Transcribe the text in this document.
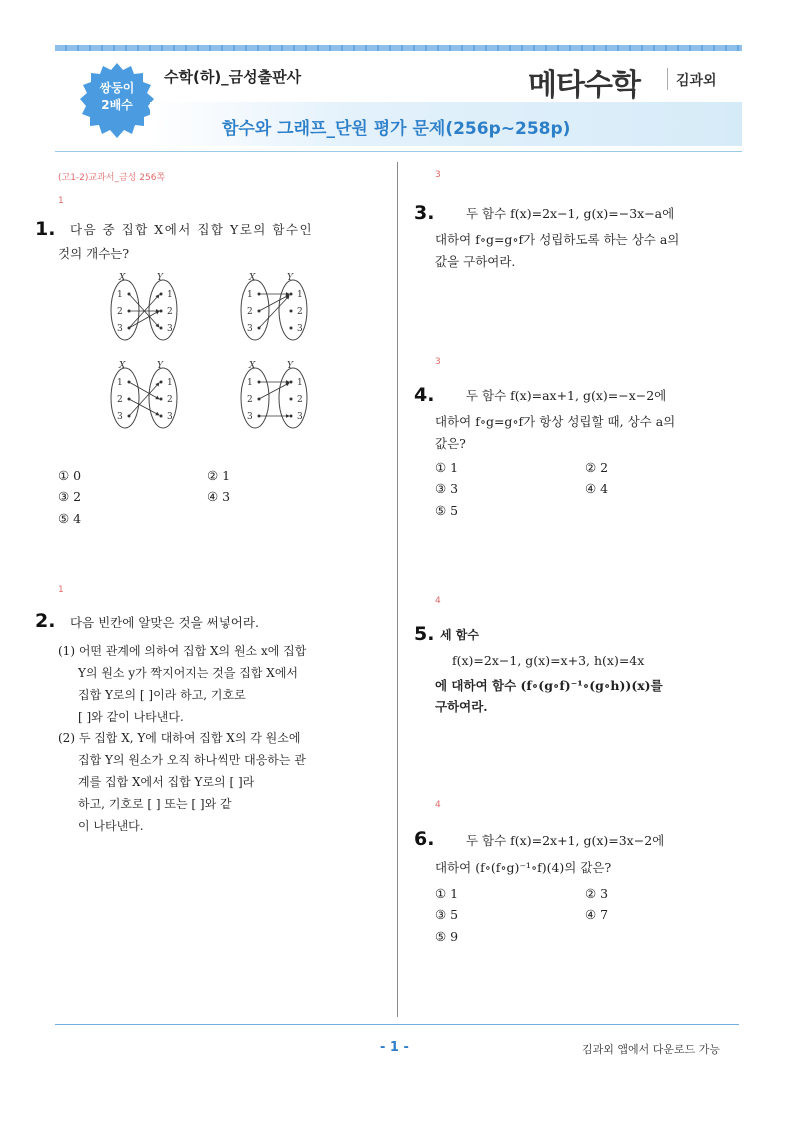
쌍둥이
2배수
수학(하)_금성출판사
함수와 그래프_단원 평가 문제(256p~258p)
메타수학	김과외
(고1-2)교과서_금성 256쪽
1
1. 다음 중 집합 X에서 집합 Y로의 함수인
것의 개수는?
X	Y
1
2
3
1
2
3
X	Y
1
2
3
1
2
3
X	Y
1
2
3
1
2
3
X	Y
1
2
3
1
2
3
① 0	② 1
③ 2	④ 3
⑤ 4
1
2. 다음 빈칸에 알맞은 것을 써넣어라.
(1) 어떤 관계에 의하여 집합 X의 원소 x에 집합
Y의 원소 y가 짝지어지는 것을 집합 X에서
집합 Y로의 [ ]이라 하고, 기호로
[ ]와 같이 나타낸다.
(2) 두 집합 X, Y에 대하여 집합 X의 각 원소에
집합 Y의 원소가 오직 하나씩만 대응하는 관
계를 집합 X에서 집합 Y로의 [ ]라
하고, 기호로 [ ] 또는 [ ]와 같
이 나타낸다.
3
3.	두 함수 f(x)=2x−1, g(x)=−3x−a에
대하여 f∘g=g∘f가 성립하도록 하는 상수 a의
값을 구하여라.
3
4.	두 함수 f(x)=ax+1, g(x)=−x−2에
대하여 f∘g=g∘f가 항상 성립할 때, 상수 a의
값은?
① 1	② 2
③ 3	④ 4
⑤ 5
4
5. 세 함수
f(x)=2x−1, g(x)=x+3, h(x)=4x
에 대하여 함수 (f∘(g∘f)⁻¹∘(g∘h))(x)를
구하여라.
4
6.	두 함수 f(x)=2x+1, g(x)=3x−2에
대하여 (f∘(f∘g)⁻¹∘f)(4)의 값은?
① 1	② 3
③ 5	④ 7
⑤ 9
- 1 -	김과외 앱에서 다운로드 가능
